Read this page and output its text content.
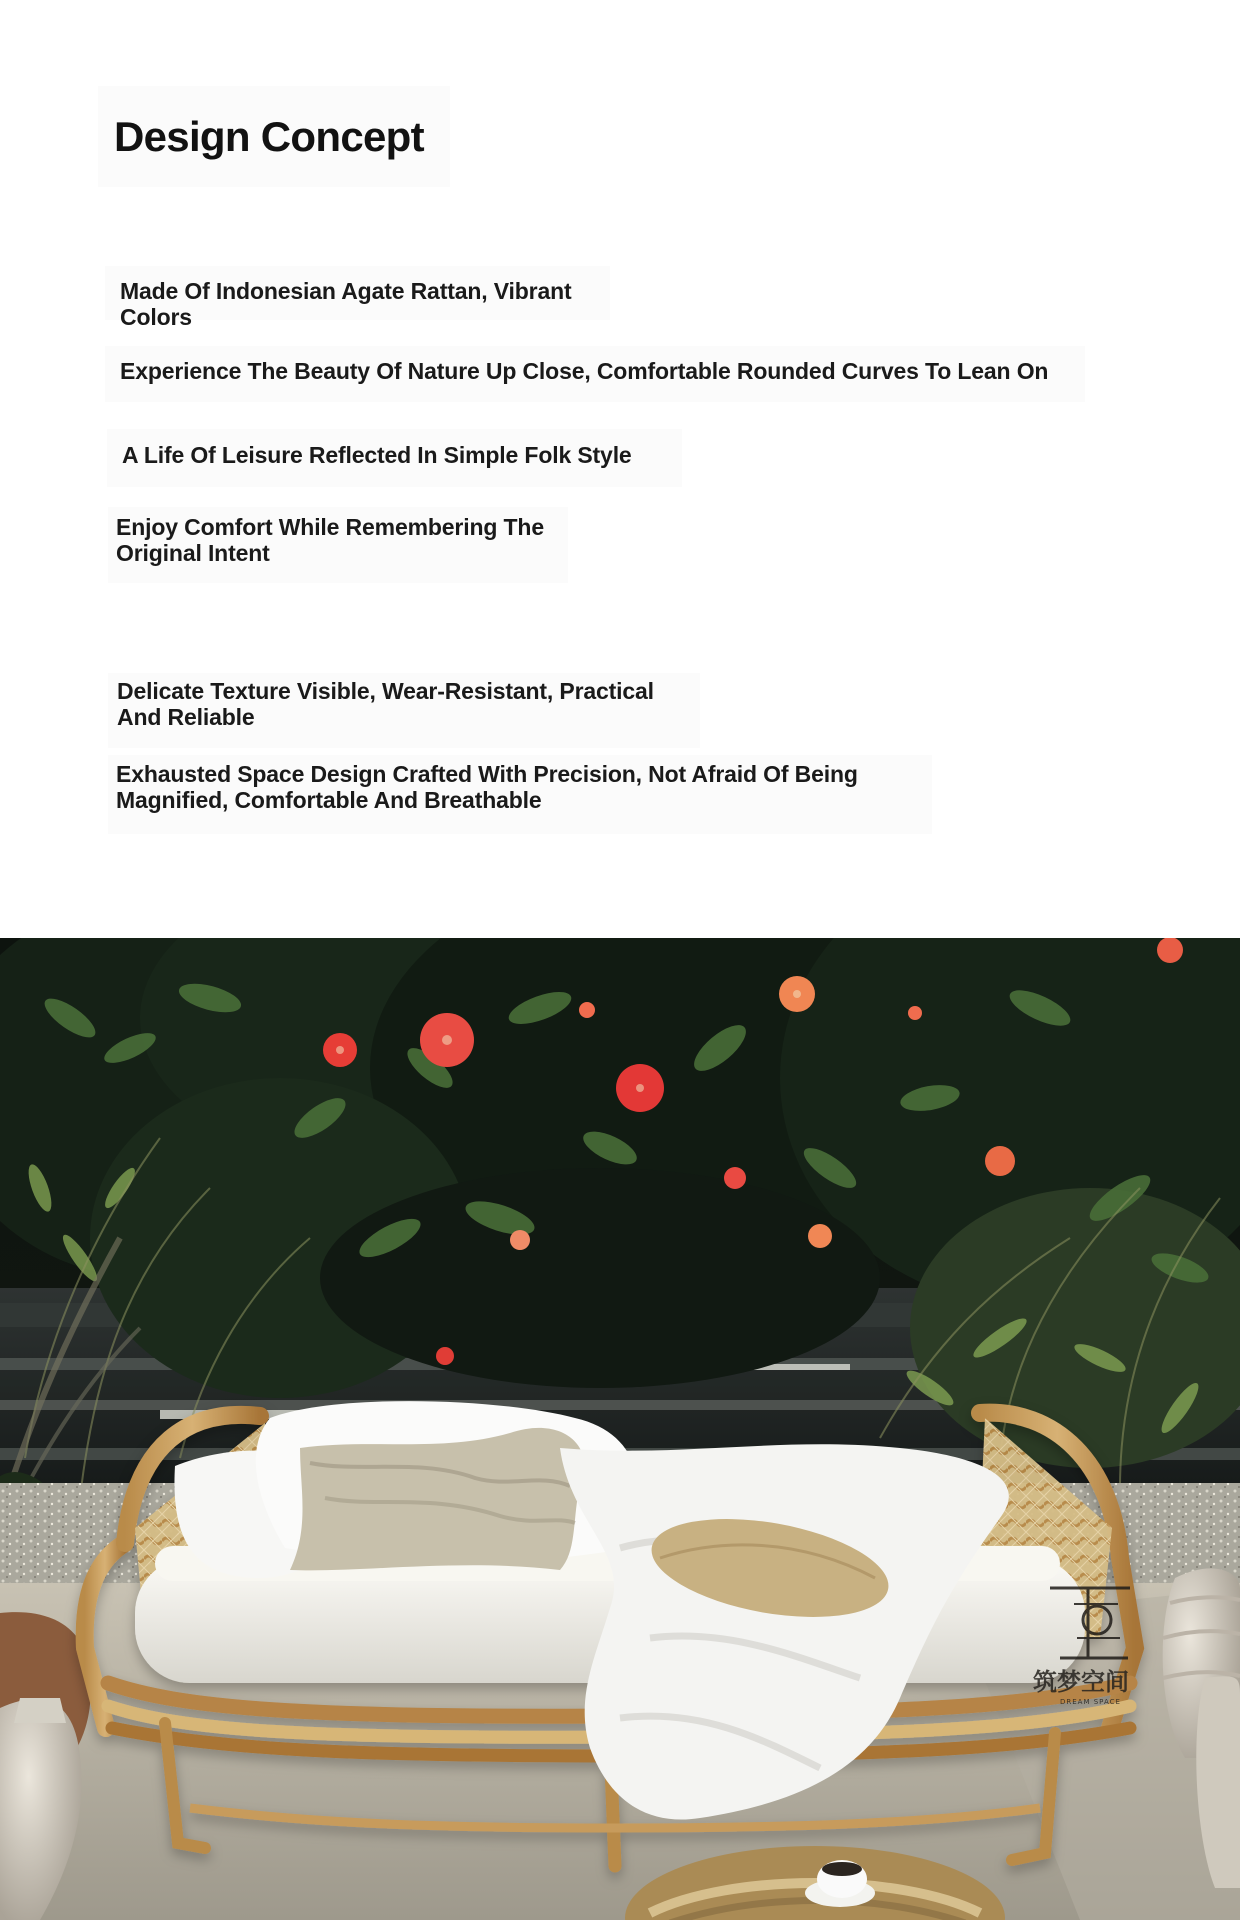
Design Concept
Made Of Indonesian Agate Rattan, Vibrant Colors
Experience The Beauty Of Nature Up Close, Comfortable Rounded Curves To Lean On
A Life Of Leisure Reflected In Simple Folk Style
Enjoy Comfort While Remembering The Original Intent
Delicate Texture Visible, Wear-Resistant, Practical And Reliable
Exhausted Space Design Crafted With Precision, Not Afraid Of Being Magnified, Comfortable And Breathable
筑梦空间
DREAM SPACE
